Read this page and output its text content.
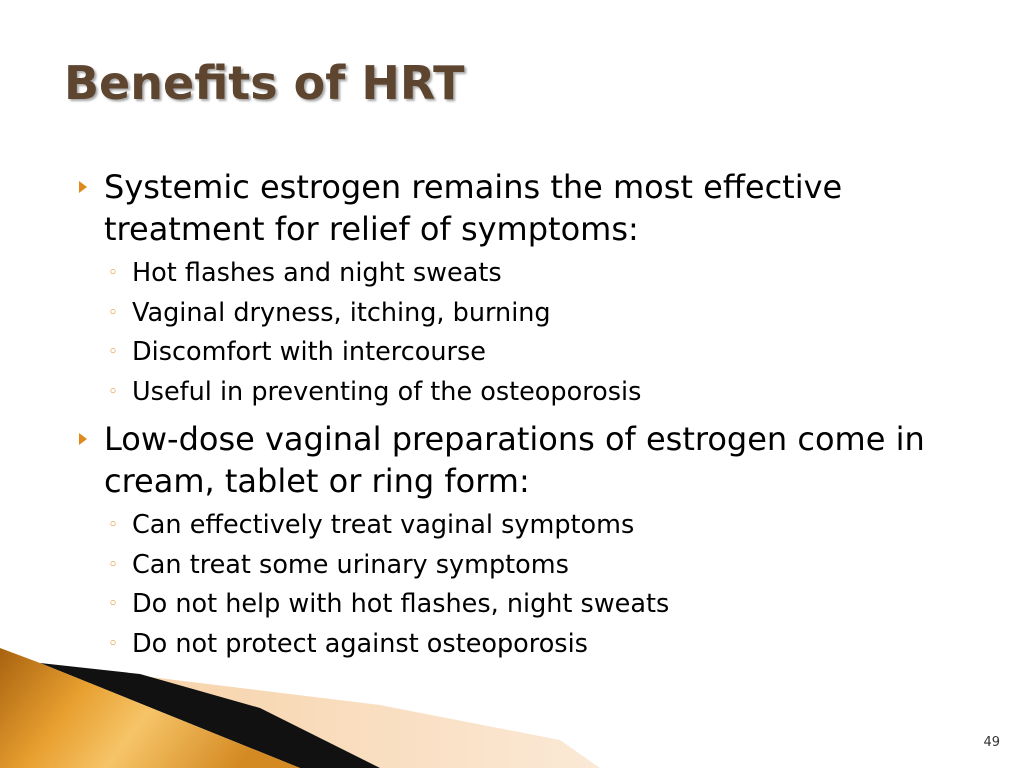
Benefits of HRT
Systemic estrogen remains the most effective treatment for relief of symptoms:
◦ Hot flashes and night sweats
◦ Vaginal dryness, itching, burning
◦ Discomfort with intercourse
◦ Useful in preventing of the osteoporosis
Low-dose vaginal preparations of estrogen come in cream, tablet or ring form:
◦ Can effectively treat vaginal symptoms
◦ Can treat some urinary symptoms
◦ Do not help with hot flashes, night sweats
◦ Do not protect against osteoporosis
49
